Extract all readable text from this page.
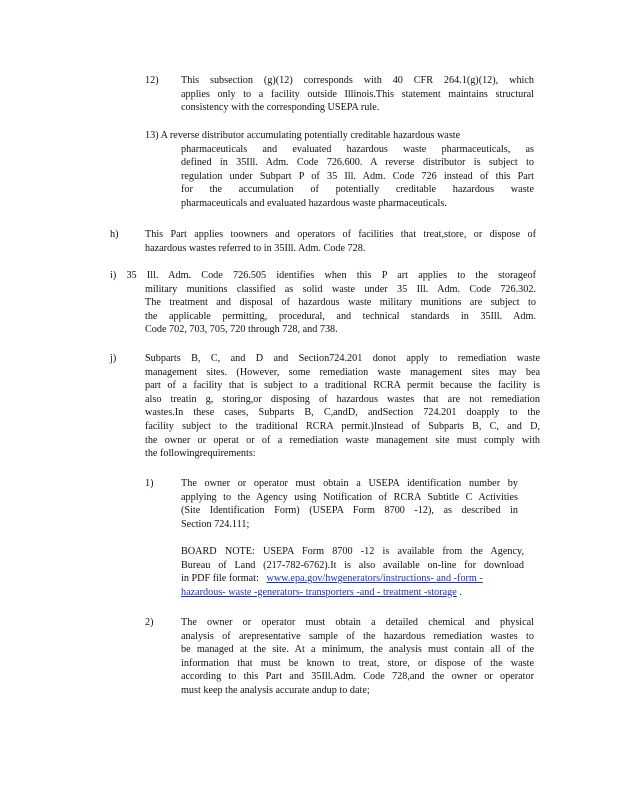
12) This subsection (g)(12) corresponds with 40 CFR 264.1(g)(12), which
applies only to a facility outside Illinois.This statement maintains structural
consistency with the corresponding USEPA rule.
13) A reverse distributor accumulating potentially creditable hazardous waste
pharmaceuticals and evaluated hazardous waste pharmaceuticals, as
defined in 35Ill. Adm. Code 726.600. A reverse distributor is subject to
regulation under Subpart P of 35 Ill. Adm. Code 726 instead of this Part
for the accumulation of potentially creditable hazardous waste
pharmaceuticals and evaluated hazardous waste pharmaceuticals.
h)	This Part applies toowners and operators of facilities that treat,store, or dispose of
hazardous wastes referred to in 35Ill. Adm. Code 728.
i) 35 Ill. Adm. Code 726.505 identifies when this P art applies to the storageof
military munitions classified as solid waste under 35 Ill. Adm. Code 726.302.
The treatment and disposal of hazardous waste military munitions are subject to
the applicable permitting, procedural, and technical standards in 35Ill. Adm.
Code 702, 703, 705, 720 through 728, and 738.
j)	Subparts B, C, and D and Section724.201 donot apply to remediation waste
management sites. (However, some remediation waste management sites may bea
part of a facility that is subject to a traditional RCRA permit because the facility is
also treatin g, storing,or disposing of hazardous wastes that are not remediation
wastes.In these cases, Subparts B, C,andD, andSection 724.201 doapply to the
facility subject to the traditional RCRA permit.)Instead of Subparts B, C, and D,
the owner or operat or of a remediation waste management site must comply with
the followingrequirements:
1)	The owner or operator must obtain a USEPA identification number by
applying to the Agency using Notification of RCRA Subtitle C Activities
(Site Identification Form) (USEPA Form 8700 -12), as described in
Section 724.111;
BOARD NOTE: USEPA Form 8700 -12 is available from the Agency,
Bureau of Land (217-782-6762).It is also available on-line for download
in PDF file format: www.epa.gov/hwgenerators/instructions- and -form -
hazardous- waste -generators- transporters -and - treatment -storage .
2)	The owner or operator must obtain a detailed chemical and physical
analysis of arepresentative sample of the hazardous remediation wastes to
be managed at the site. At a minimum, the analysis must contain all of the
information that must be known to treat, store, or dispose of the waste
according to this Part and 35Ill.Adm. Code 728,and the owner or operator
must keep the analysis accurate andup to date;
